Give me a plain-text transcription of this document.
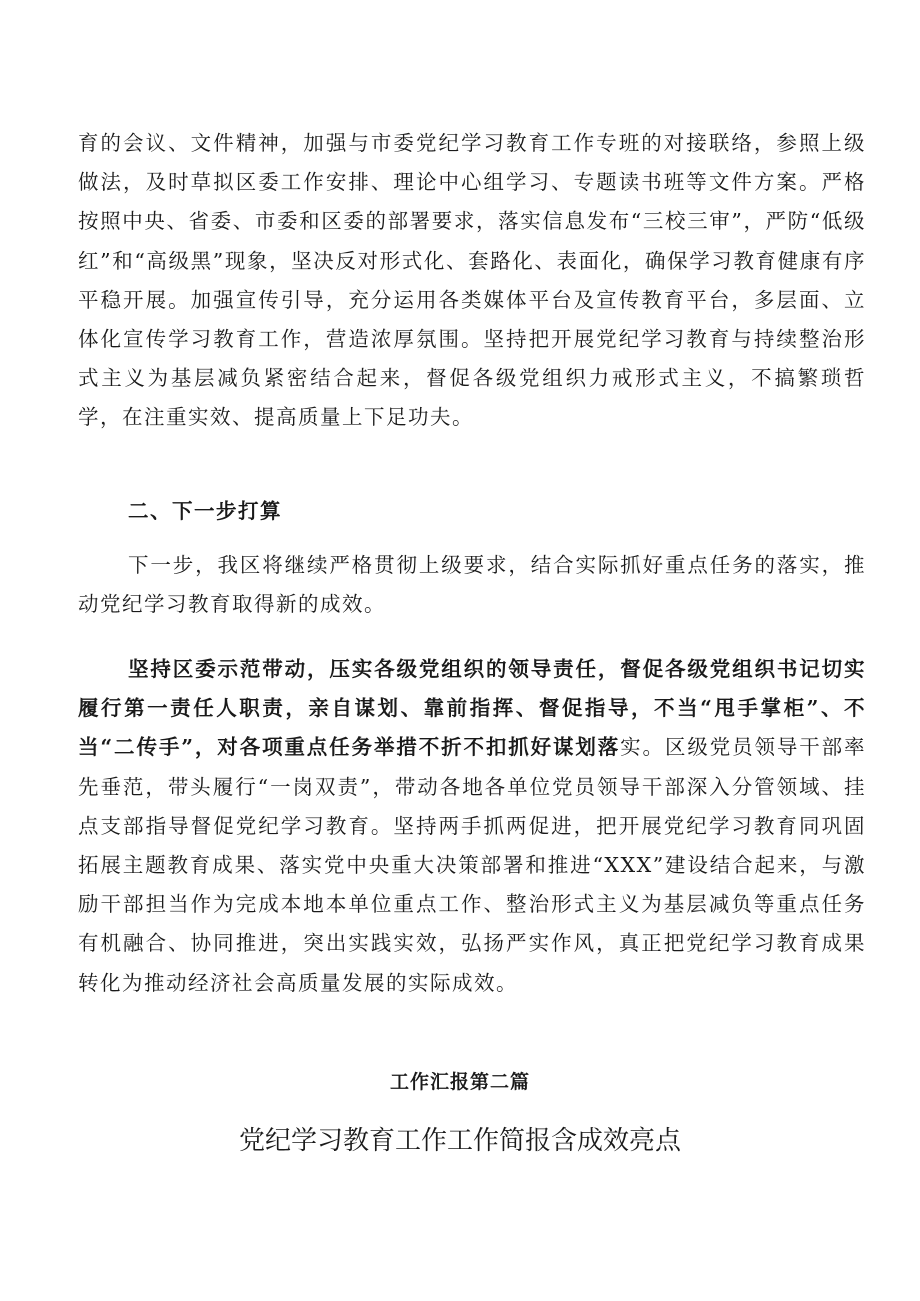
育的会议、文件精神，加强与市委党纪学习教育工作专班的对接联络，参照上级做法，及时草拟区委工作安排、理论中心组学习、专题读书班等文件方案。严格按照中央、省委、市委和区委的部署要求，落实信息发布“三校三审”，严防“低级红”和“高级黑”现象，坚决反对形式化、套路化、表面化，确保学习教育健康有序平稳开展。加强宣传引导，充分运用各类媒体平台及宣传教育平台，多层面、立体化宣传学习教育工作，营造浓厚氛围。坚持把开展党纪学习教育与持续整治形式主义为基层减负紧密结合起来，督促各级党组织力戒形式主义，不搞繁琐哲学，在注重实效、提高质量上下足功夫。

二、下一步打算

下一步，我区将继续严格贯彻上级要求，结合实际抓好重点任务的落实，推动党纪学习教育取得新的成效。

坚持区委示范带动，压实各级党组织的领导责任，督促各级党组织书记切实履行第一责任人职责，亲自谋划、靠前指挥、督促指导，不当“甩手掌柜”、不当“二传手”，对各项重点任务举措不折不扣抓好谋划落实。区级党员领导干部率先垂范，带头履行“一岗双责”，带动各地各单位党员领导干部深入分管领域、挂点支部指导督促党纪学习教育。坚持两手抓两促进，把开展党纪学习教育同巩固拓展主题教育成果、落实党中央重大决策部署和推进“XXX”建设结合起来，与激励干部担当作为完成本地本单位重点工作、整治形式主义为基层减负等重点任务有机融合、协同推进，突出实践实效，弘扬严实作风，真正把党纪学习教育成果转化为推动经济社会高质量发展的实际成效。

工作汇报第二篇

党纪学习教育工作工作简报含成效亮点
